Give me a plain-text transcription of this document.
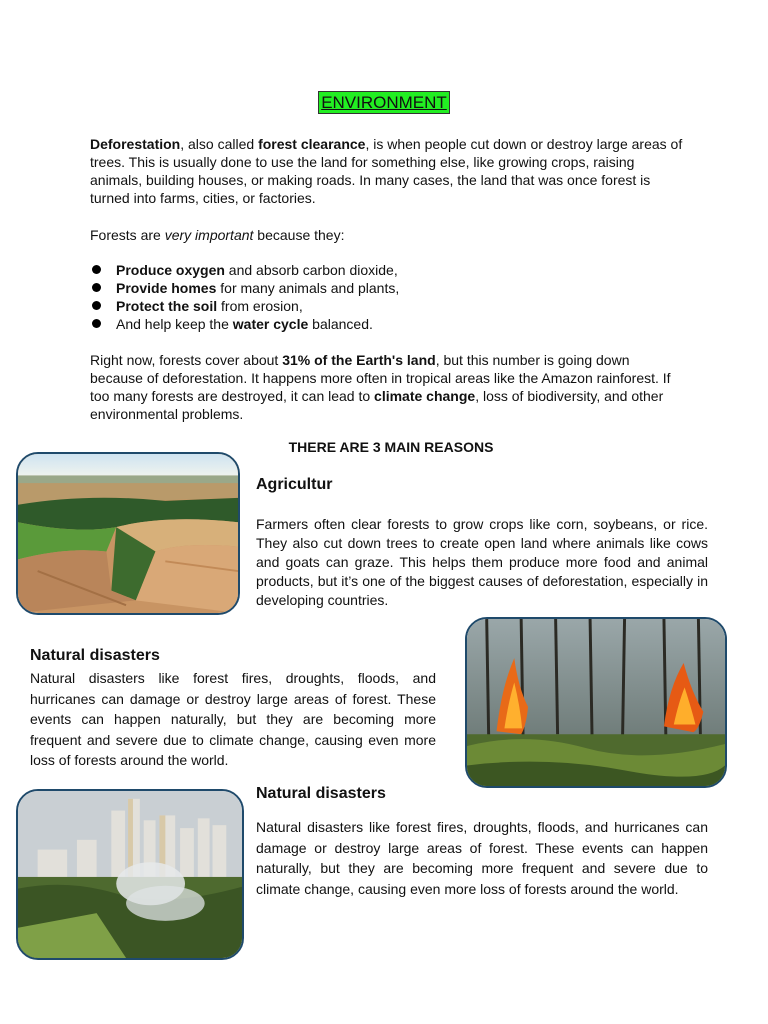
ENVIRONMENT

Deforestation, also called forest clearance, is when people cut down or destroy large areas of trees. This is usually done to use the land for something else, like growing crops, raising animals, building houses, or making roads. In many cases, the land that was once forest is turned into farms, cities, or factories.

Forests are very important because they:

Produce oxygen and absorb carbon dioxide,
Provide homes for many animals and plants,
Protect the soil from erosion,
And help keep the water cycle balanced.

Right now, forests cover about 31% of the Earth's land, but this number is going down because of deforestation. It happens more often in tropical areas like the Amazon rainforest. If too many forests are destroyed, it can lead to climate change, loss of biodiversity, and other environmental problems.

THERE ARE 3 MAIN REASONS
Agricultur

Farmers often clear forests to grow crops like corn, soybeans, or rice. They also cut down trees to create open land where animals like cows and goats can graze. This helps them produce more food and animal products, but it’s one of the biggest causes of deforestation, especially in developing countries.

Natural disasters

Natural disasters like forest fires, droughts, floods, and hurricanes can damage or destroy large areas of forest. These events can happen naturally, but they are becoming more frequent and severe due to climate change, causing even more loss of forests around the world.

Natural disasters

Natural disasters like forest fires, droughts, floods, and hurricanes can damage or destroy large areas of forest. These events can happen naturally, but they are becoming more frequent and severe due to climate change, causing even more loss of forests around the world.
